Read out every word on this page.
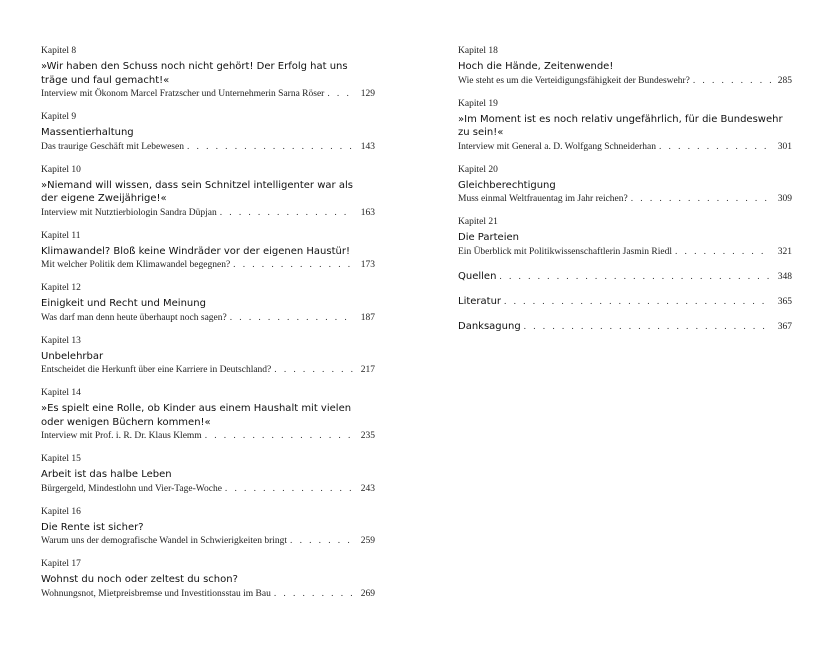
Kapitel 8
»Wir haben den Schuss noch nicht gehört! Der Erfolg hat uns
träge und faul gemacht!«
Interview mit Ökonom Marcel Fratzscher und Unternehmerin Sarna Röser . . .	129
Kapitel 9
Massentierhaltung
Das traurige Geschäft mit Lebewesen . . .	143
Kapitel 10
»Niemand will wissen, dass sein Schnitzel intelligenter war als
der eigene Zweijährige!«
Interview mit Nutztierbiologin Sandra Düpjan . . .	163
Kapitel 11
Klimawandel? Bloß keine Windräder vor der eigenen Haustür!
Mit welcher Politik dem Klimawandel begegnen? . . .	173
Kapitel 12
Einigkeit und Recht und Meinung
Was darf man denn heute überhaupt noch sagen? . . .	187
Kapitel 13
Unbelehrbar
Entscheidet die Herkunft über eine Karriere in Deutschland? . . .	217
Kapitel 14
»Es spielt eine Rolle, ob Kinder aus einem Haushalt mit vielen
oder wenigen Büchern kommen!«
Interview mit Prof. i. R. Dr. Klaus Klemm . . .	235
Kapitel 15
Arbeit ist das halbe Leben
Bürgergeld, Mindestlohn und Vier-Tage-Woche . . .	243
Kapitel 16
Die Rente ist sicher?
Warum uns der demografische Wandel in Schwierigkeiten bringt . . .	259
Kapitel 17
Wohnst du noch oder zeltest du schon?
Wohnungsnot, Mietpreisbremse und Investitionsstau im Bau . . .	269
Kapitel 18
Hoch die Hände, Zeitenwende!
Wie steht es um die Verteidigungsfähigkeit der Bundeswehr? . . .	285
Kapitel 19
»Im Moment ist es noch relativ ungefährlich, für die Bundeswehr
zu sein!«
Interview mit General a. D. Wolfgang Schneiderhan . . .	301
Kapitel 20
Gleichberechtigung
Muss einmal Weltfrauentag im Jahr reichen? . . .	309
Kapitel 21
Die Parteien
Ein Überblick mit Politikwissenschaftlerin Jasmin Riedl . . .	321
Quellen . . .	348
Literatur . . .	365
Danksagung . . .	367
